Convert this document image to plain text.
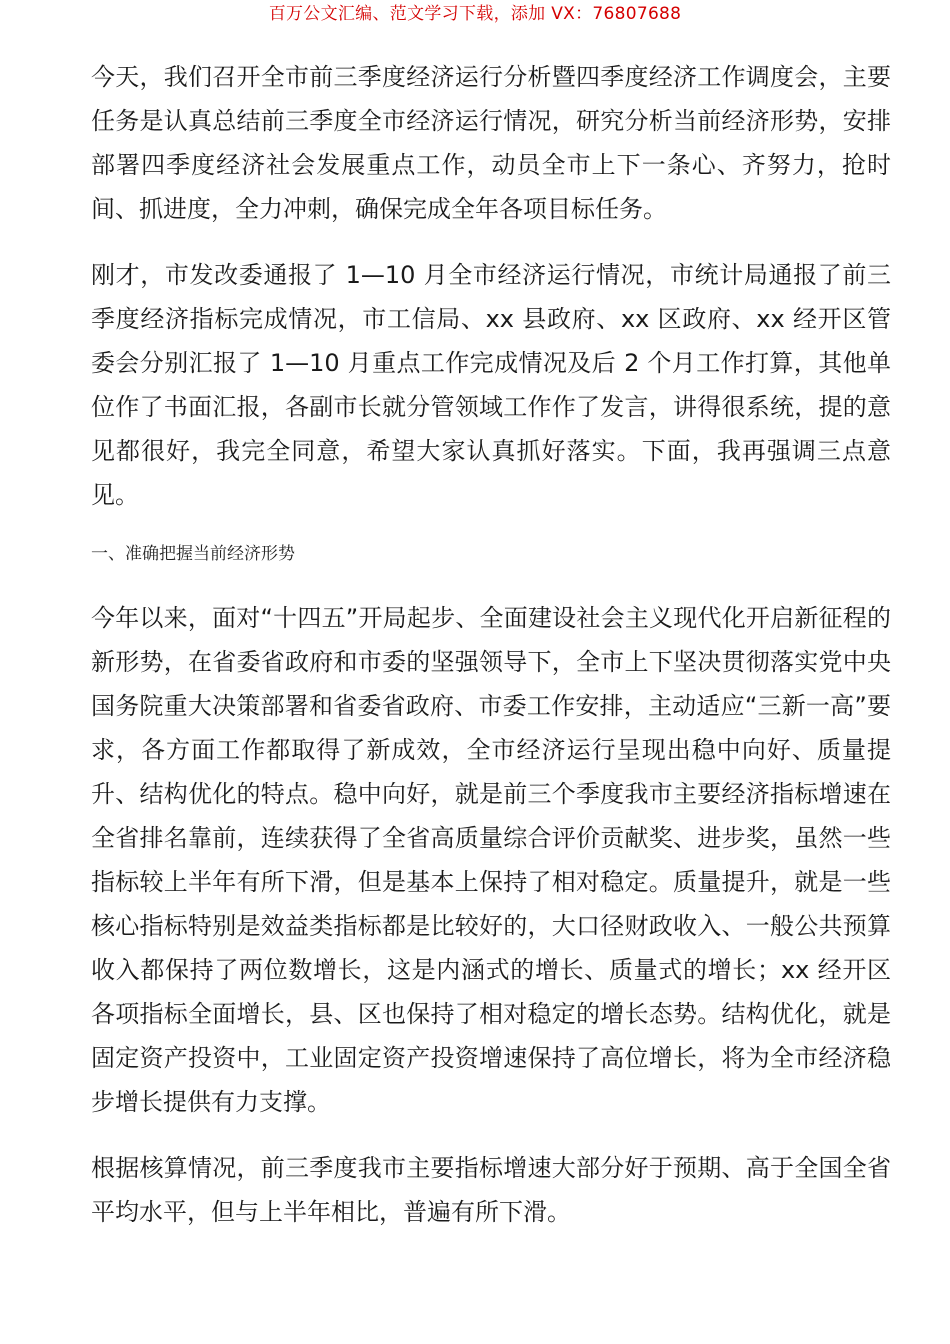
百万公文汇编、范文学习下载，添加 VX：76807688

今天，我们召开全市前三季度经济运行分析暨四季度经济工作调度会，主要任务是认真总结前三季度全市经济运行情况，研究分析当前经济形势，安排部署四季度经济社会发展重点工作，动员全市上下一条心、齐努力，抢时间、抓进度，全力冲刺，确保完成全年各项目标任务。

刚才，市发改委通报了 1—10 月全市经济运行情况，市统计局通报了前三季度经济指标完成情况，市工信局、xx 县政府、xx 区政府、xx 经开区管委会分别汇报了 1—10 月重点工作完成情况及后 2 个月工作打算，其他单位作了书面汇报，各副市长就分管领域工作作了发言，讲得很系统，提的意见都很好，我完全同意，希望大家认真抓好落实。下面，我再强调三点意见。

一、准确把握当前经济形势

今年以来，面对“十四五”开局起步、全面建设社会主义现代化开启新征程的新形势，在省委省政府和市委的坚强领导下，全市上下坚决贯彻落实党中央国务院重大决策部署和省委省政府、市委工作安排，主动适应“三新一高”要求，各方面工作都取得了新成效，全市经济运行呈现出稳中向好、质量提升、结构优化的特点。稳中向好，就是前三个季度我市主要经济指标增速在全省排名靠前，连续获得了全省高质量综合评价贡献奖、进步奖，虽然一些指标较上半年有所下滑，但是基本上保持了相对稳定。质量提升，就是一些核心指标特别是效益类指标都是比较好的，大口径财政收入、一般公共预算收入都保持了两位数增长，这是内涵式的增长、质量式的增长；xx 经开区各项指标全面增长，县、区也保持了相对稳定的增长态势。结构优化，就是固定资产投资中，工业固定资产投资增速保持了高位增长，将为全市经济稳步增长提供有力支撑。

根据核算情况，前三季度我市主要指标增速大部分好于预期、高于全国全省平均水平，但与上半年相比，普遍有所下滑。
